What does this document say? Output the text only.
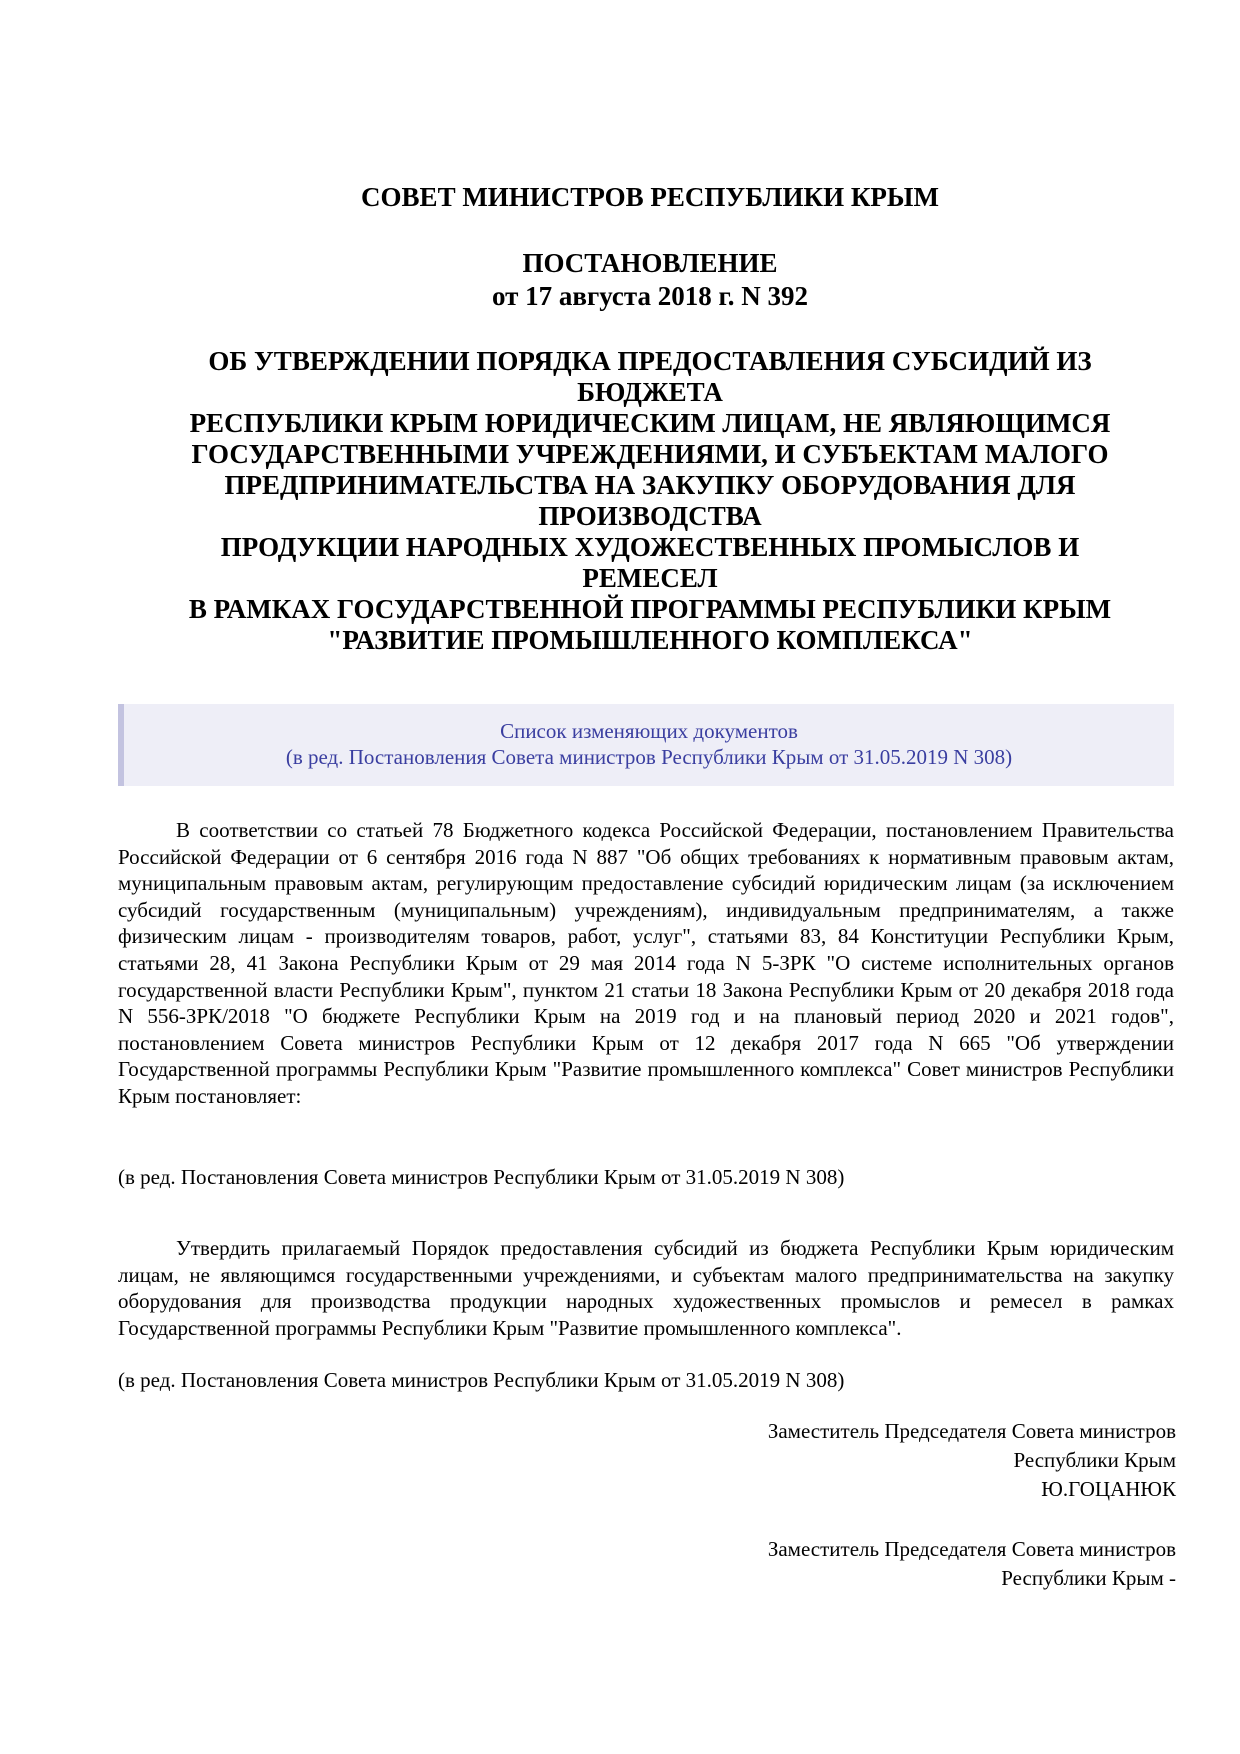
СОВЕТ МИНИСТРОВ РЕСПУБЛИКИ КРЫМ

ПОСТАНОВЛЕНИЕ

от 17 августа 2018 г. N 392

ОБ УТВЕРЖДЕНИИ ПОРЯДКА ПРЕДОСТАВЛЕНИЯ СУБСИДИЙ ИЗ
БЮДЖЕТА
РЕСПУБЛИКИ КРЫМ ЮРИДИЧЕСКИМ ЛИЦАМ, НЕ ЯВЛЯЮЩИМСЯ
ГОСУДАРСТВЕННЫМИ УЧРЕЖДЕНИЯМИ, И СУБЪЕКТАМ МАЛОГО
ПРЕДПРИНИМАТЕЛЬСТВА НА ЗАКУПКУ ОБОРУДОВАНИЯ ДЛЯ
ПРОИЗВОДСТВА
ПРОДУКЦИИ НАРОДНЫХ ХУДОЖЕСТВЕННЫХ ПРОМЫСЛОВ И
РЕМЕСЕЛ
В РАМКАХ ГОСУДАРСТВЕННОЙ ПРОГРАММЫ РЕСПУБЛИКИ КРЫМ
"РАЗВИТИЕ ПРОМЫШЛЕННОГО КОМПЛЕКСА"
Список изменяющих документов
(в ред. Постановления Совета министров Республики Крым от 31.05.2019 N 308)

В соответствии со статьей 78 Бюджетного кодекса Российской Федерации, постановлением Правительства Российской Федерации от 6 сентября 2016 года N 887 "Об общих требованиях к нормативным правовым актам, муниципальным правовым актам, регулирующим предоставление субсидий юридическим лицам (за исключением субсидий государственным (муниципальным) учреждениям), индивидуальным предпринимателям, а также физическим лицам - производителям товаров, работ, услуг", статьями 83, 84 Конституции Республики Крым, статьями 28, 41 Закона Республики Крым от 29 мая 2014 года N 5-ЗРК "О системе исполнительных органов государственной власти Республики Крым", пунктом 21 статьи 18 Закона Республики Крым от 20 декабря 2018 года N 556-ЗРК/2018 "О бюджете Республики Крым на 2019 год и на плановый период 2020 и 2021 годов", постановлением Совета министров Республики Крым от 12 декабря 2017 года N 665 "Об утверждении Государственной программы Республики Крым "Развитие промышленного комплекса" Совет министров Республики Крым постановляет:

(в ред. Постановления Совета министров Республики Крым от 31.05.2019 N 308)

Утвердить прилагаемый Порядок предоставления субсидий из бюджета Республики Крым юридическим лицам, не являющимся государственными учреждениями, и субъектам малого предпринимательства на закупку оборудования для производства продукции народных художественных промыслов и ремесел в рамках Государственной программы Республики Крым "Развитие промышленного комплекса".

(в ред. Постановления Совета министров Республики Крым от 31.05.2019 N 308)

Заместитель Председателя Совета министров
Республики Крым
Ю.ГОЦАНЮК
Заместитель Председателя Совета министров
Республики Крым -
